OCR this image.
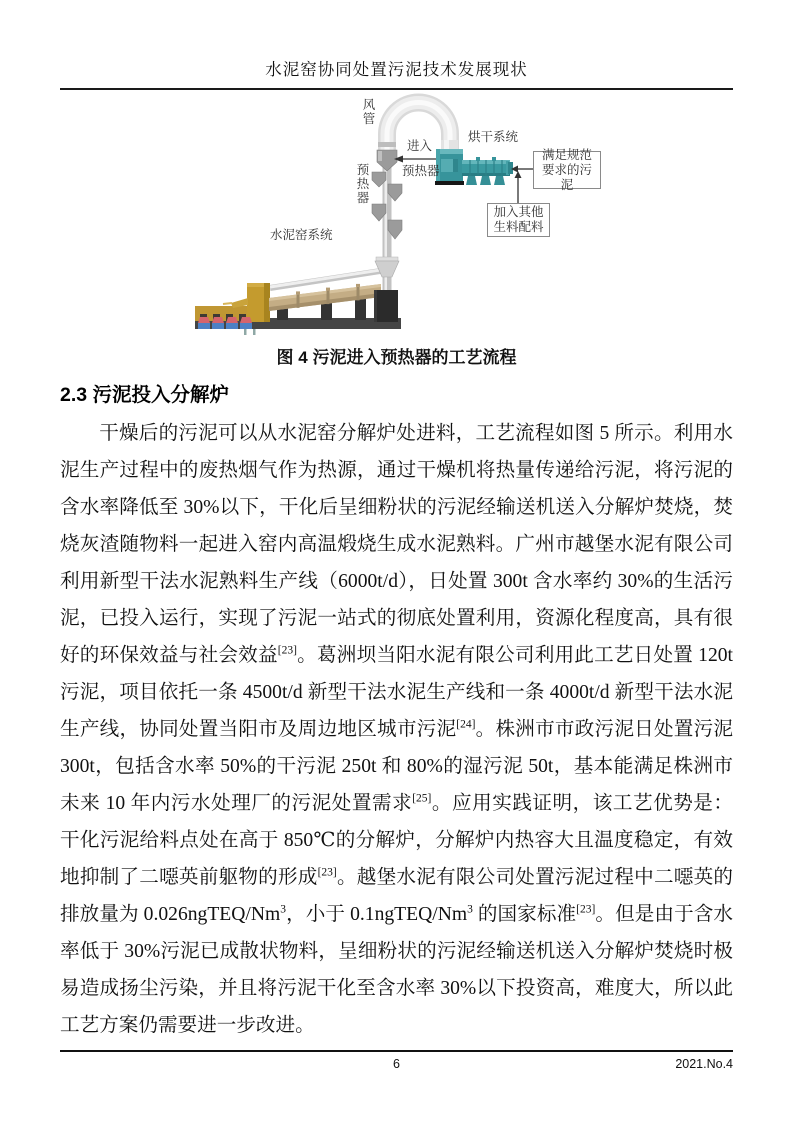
水泥窑协同处置污泥技术发展现状
风管
预热器
进入
预热器
烘干系统
水泥窑系统
满足规范要求的污泥
加入其他生料配料
图 4 污泥进入预热器的工艺流程
2.3 污泥投入分解炉

干燥后的污泥可以从水泥窑分解炉处进料，工艺流程如图 5 所示。利用水泥生产过程中的废热烟气作为热源，通过干燥机将热量传递给污泥，将污泥的含水率降低至 30%以下，干化后呈细粉状的污泥经输送机送入分解炉焚烧，焚烧灰渣随物料一起进入窑内高温煅烧生成水泥熟料。广州市越堡水泥有限公司利用新型干法水泥熟料生产线（6000t/d），日处置 300t 含水率约 30%的生活污泥，已投入运行，实现了污泥一站式的彻底处置利用，资源化程度高，具有很好的环保效益与社会效益[23]。葛洲坝当阳水泥有限公司利用此工艺日处置 120t 污泥，项目依托一条 4500t/d 新型干法水泥生产线和一条 4000t/d 新型干法水泥生产线，协同处置当阳市及周边地区城市污泥[24]。株洲市市政污泥日处置污泥 300t，包括含水率 50%的干污泥 250t 和 80%的湿污泥 50t，基本能满足株洲市未来 10 年内污水处理厂的污泥处置需求[25]。应用实践证明，该工艺优势是：干化污泥给料点处在高于 850℃的分解炉，分解炉内热容大且温度稳定，有效地抑制了二噁英前躯物的形成[23]。越堡水泥有限公司处置污泥过程中二噁英的排放量为 0.026ngTEQ/Nm$^3$，小于 0.1ngTEQ/Nm$^3$ 的国家标准[23]。但是由于含水率低于 30%污泥已成散状物料，呈细粉状的污泥经输送机送入分解炉焚烧时极易造成扬尘污染，并且将污泥干化至含水率 30%以下投资高，难度大，所以此工艺方案仍需要进一步改进。

6	2021.No.4
